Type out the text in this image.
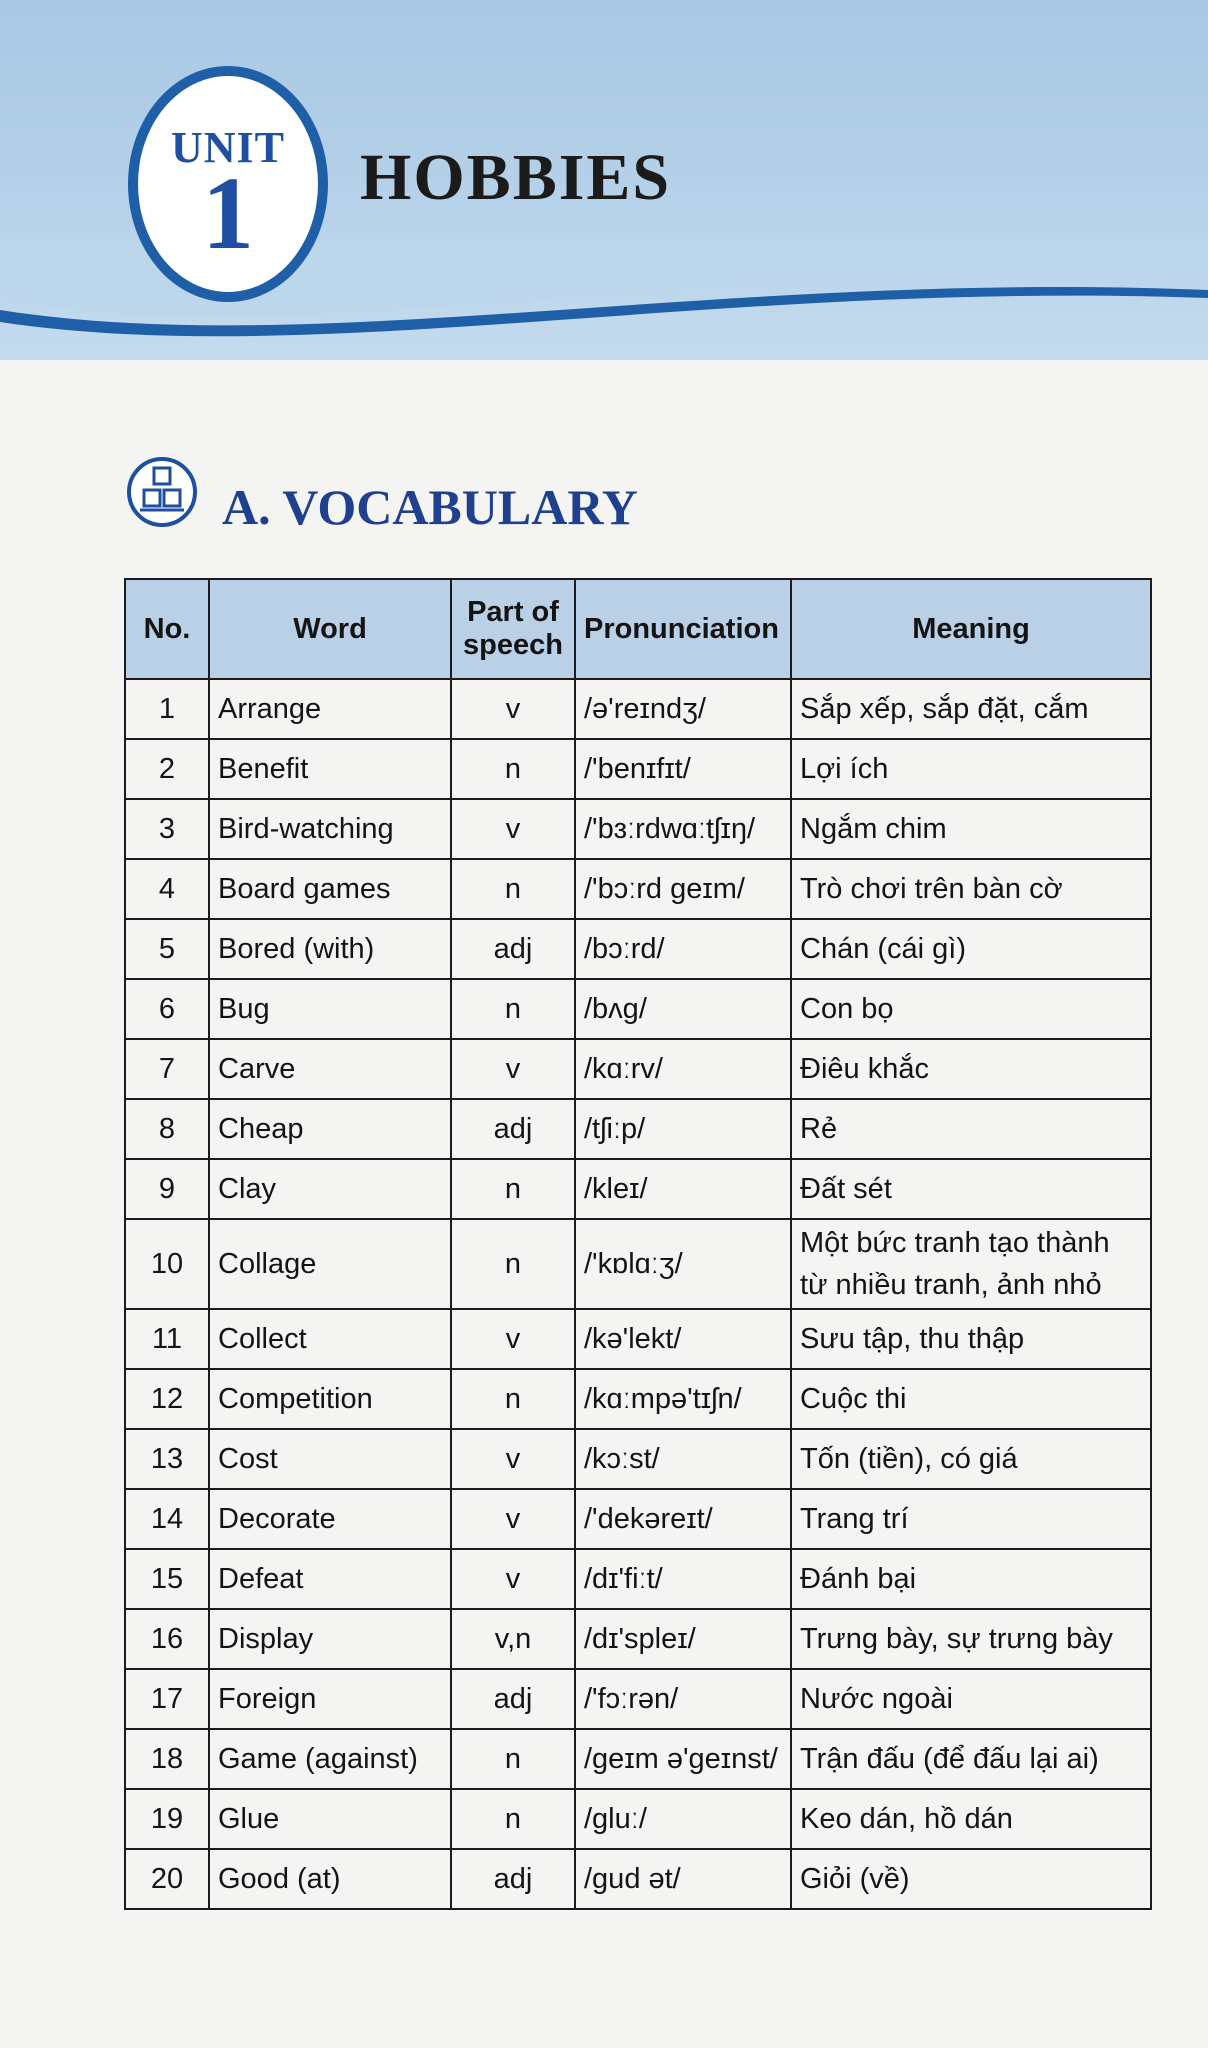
UNIT
1	HOBBIES
A. VOCABULARY
No.	Word	Part of speech	Pronunciation	Meaning
1	Arrange	v	/ə'reɪndʒ/	Sắp xếp, sắp đặt, cắm
2	Benefit	n	/'benɪfɪt/	Lợi ích
3	Bird-watching	v	/'bɜːrdwɑːtʃɪŋ/	Ngắm chim
4	Board games	n	/'bɔːrd geɪm/	Trò chơi trên bàn cờ
5	Bored (with)	adj	/bɔːrd/	Chán (cái gì)
6	Bug	n	/bʌg/	Con bọ
7	Carve	v	/kɑːrv/	Điêu khắc
8	Cheap	adj	/tʃiːp/	Rẻ
9	Clay	n	/kleɪ/	Đất sét
10	Collage	n	/'kɒlɑːʒ/	Một bức tranh tạo thành từ nhiều tranh, ảnh nhỏ
11	Collect	v	/kə'lekt/	Sưu tập, thu thập
12	Competition	n	/kɑːmpə'tɪʃn/	Cuộc thi
13	Cost	v	/kɔːst/	Tốn (tiền), có giá
14	Decorate	v	/'dekəreɪt/	Trang trí
15	Defeat	v	/dɪ'fiːt/	Đánh bại
16	Display	v,n	/dɪ'spleɪ/	Trưng bày, sự trưng bày
17	Foreign	adj	/'fɔːrən/	Nước ngoài
18	Game (against)	n	/geɪm ə'geɪnst/	Trận đấu (để đấu lại ai)
19	Glue	n	/gluː/	Keo dán, hồ dán
20	Good (at)	adj	/gud ət/	Giỏi (về)
